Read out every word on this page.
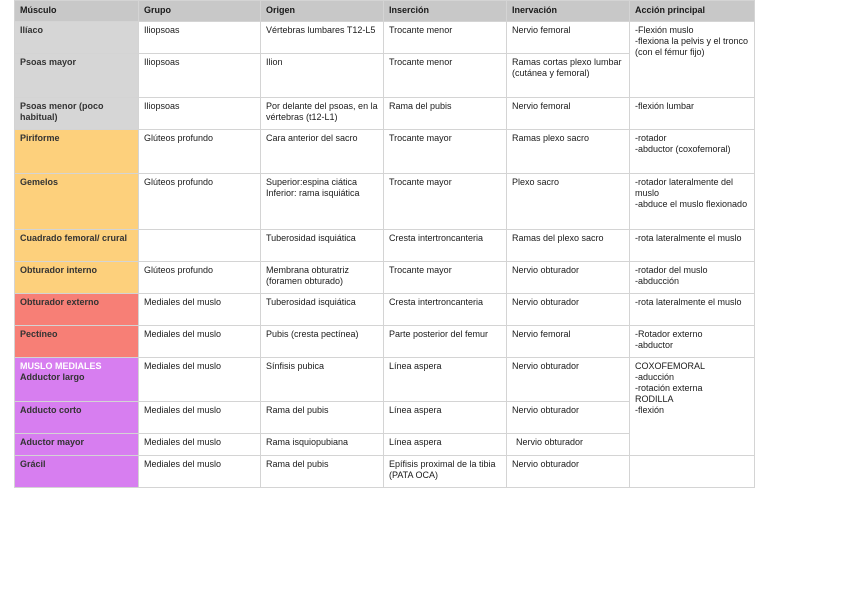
Músculo	Grupo	Origen	Inserción	Inervación	Acción principal
Ilíaco	Iliopsoas	Vértebras lumbares T12-L5	Trocante menor	Nervio femoral	-Flexión muslo
-flexiona la pelvis y el tronco (con el fémur fijo)

Psoas mayor	Iliopsoas	Ilion	Trocante menor	Ramas cortas plexo lumbar (cutánea y femoral)	
Psoas menor (poco habitual)	Iliopsoas	Por delante del psoas, en la vértebras (t12-L1)	Rama del pubis	Nervio femoral	-flexión lumbar

Piriforme	Glúteos profundo	Cara anterior del sacro	Trocante mayor	Ramas plexo sacro	-rotador
-abductor (coxofemoral)

Gemelos	Glúteos profundo	Superior:espina ciática
Inferior: rama isquiática	Trocante mayor	Plexo sacro	-rotador lateralmente del muslo
-abduce el muslo flexionado

Cuadrado femoral/ crural		Tuberosidad isquiática	Cresta intertroncanteria	Ramas del plexo sacro	-rota lateralmente el muslo

Obturador interno	Glúteos profundo	Membrana obturatriz (foramen obturado)	Trocante mayor	Nervio obturador	-rotador del muslo
-abducción

Obturador externo	Mediales del muslo	Tuberosidad isquiática	Cresta intertroncanteria	Nervio obturador	-rota lateralmente el muslo

Pectíneo	Mediales del muslo	Pubis (cresta pectínea)	Parte posterior del femur	Nervio femoral	-Rotador externo
-abductor

MUSLO MEDIALES
Adductor largo	Mediales del muslo	Sínfisis pubica	Línea aspera	Nervio obturador	COXOFEMORAL
-aducción
-rotación externa
RODILLA
-flexión

Adducto corto	Mediales del muslo	Rama del pubis	Línea aspera	Nervio obturador	
Aductor mayor	Mediales del muslo	Rama isquiopubiana	Línea aspera	Nervio obturador	
Grácil	Mediales del muslo	Rama del pubis	Epífisis proximal de la tibia (PATA OCA)	Nervio obturador	
